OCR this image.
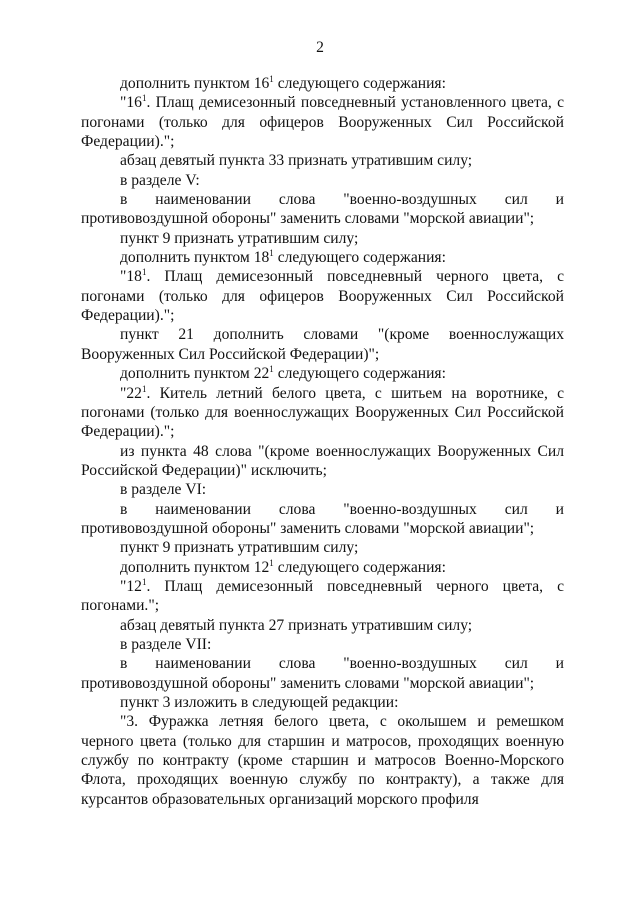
2

дополнить пунктом $16^1$ следующего содержания:

"$16^1$. Плащ демисезонный повседневный установленного цвета, с погонами (только для офицеров Вооруженных Сил Российской Федерации).";

абзац девятый пункта 33 признать утратившим силу;

в разделе V:

в наименовании слова "военно-воздушных сил и противовоздушной обороны" заменить словами "морской авиации";

пункт 9 признать утратившим силу;

дополнить пунктом $18^1$ следующего содержания:

"$18^1$. Плащ демисезонный повседневный черного цвета, с погонами (только для офицеров Вооруженных Сил Российской Федерации).";

пункт 21 дополнить словами "(кроме военнослужащих Вооруженных Сил Российской Федерации)";

дополнить пунктом $22^1$ следующего содержания:

"$22^1$. Китель летний белого цвета, с шитьем на воротнике, с погонами (только для военнослужащих Вооруженных Сил Российской Федерации).";

из пункта 48 слова "(кроме военнослужащих Вооруженных Сил Российской Федерации)" исключить;

в разделе VI:

в наименовании слова "военно-воздушных сил и противовоздушной обороны" заменить словами "морской авиации";

пункт 9 признать утратившим силу;

дополнить пунктом $12^1$ следующего содержания:

"$12^1$. Плащ демисезонный повседневный черного цвета, с погонами.";

абзац девятый пункта 27 признать утратившим силу;

в разделе VII:

в наименовании слова "военно-воздушных сил и противовоздушной обороны" заменить словами "морской авиации";

пункт 3 изложить в следующей редакции:

"3. Фуражка летняя белого цвета, с околышем и ремешком черного цвета (только для старшин и матросов, проходящих военную службу по контракту (кроме старшин и матросов Военно-Морского Флота, проходящих военную службу по контракту), а также для курсантов образовательных организаций морского профиля
